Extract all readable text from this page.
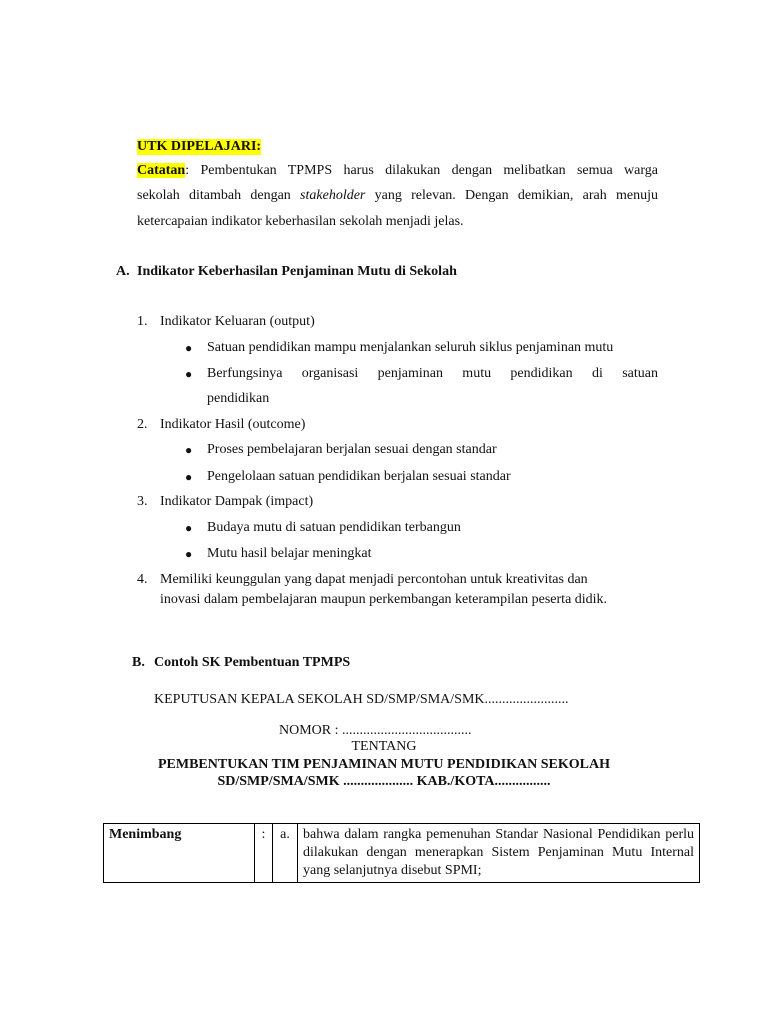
UTK DIPELAJARI:
Catatan: Pembentukan TPMPS harus dilakukan dengan melibatkan semua warga
sekolah ditambah dengan stakeholder yang relevan. Dengan demikian, arah menuju
ketercapaian indikator keberhasilan sekolah menjadi jelas.
A. Indikator Keberhasilan Penjaminan Mutu di Sekolah
1. Indikator Keluaran (output)
● Satuan pendidikan mampu menjalankan seluruh siklus penjaminan mutu
● Berfungsinya organisasi penjaminan mutu pendidikan di satuan
pendidikan
2. Indikator Hasil (outcome)
● Proses pembelajaran berjalan sesuai dengan standar
● Pengelolaan satuan pendidikan berjalan sesuai standar
3. Indikator Dampak (impact)
● Budaya mutu di satuan pendidikan terbangun
● Mutu hasil belajar meningkat
4. Memiliki keunggulan yang dapat menjadi percontohan untuk kreativitas dan
inovasi dalam pembelajaran maupun perkembangan keterampilan peserta didik.
B. Contoh SK Pembentuan TPMPS
KEPUTUSAN KEPALA SEKOLAH SD/SMP/SMA/SMK........................
NOMOR : .....................................
TENTANG
PEMBENTUKAN TIM PENJAMINAN MUTU PENDIDIKAN SEKOLAH
SD/SMP/SMA/SMK .................... KAB./KOTA................
Menimbang	:	a.	bahwa dalam rangka pemenuhan Standar Nasional Pendidikan perlu dilakukan dengan menerapkan Sistem Penjaminan Mutu Internal yang selanjutnya disebut SPMI;
